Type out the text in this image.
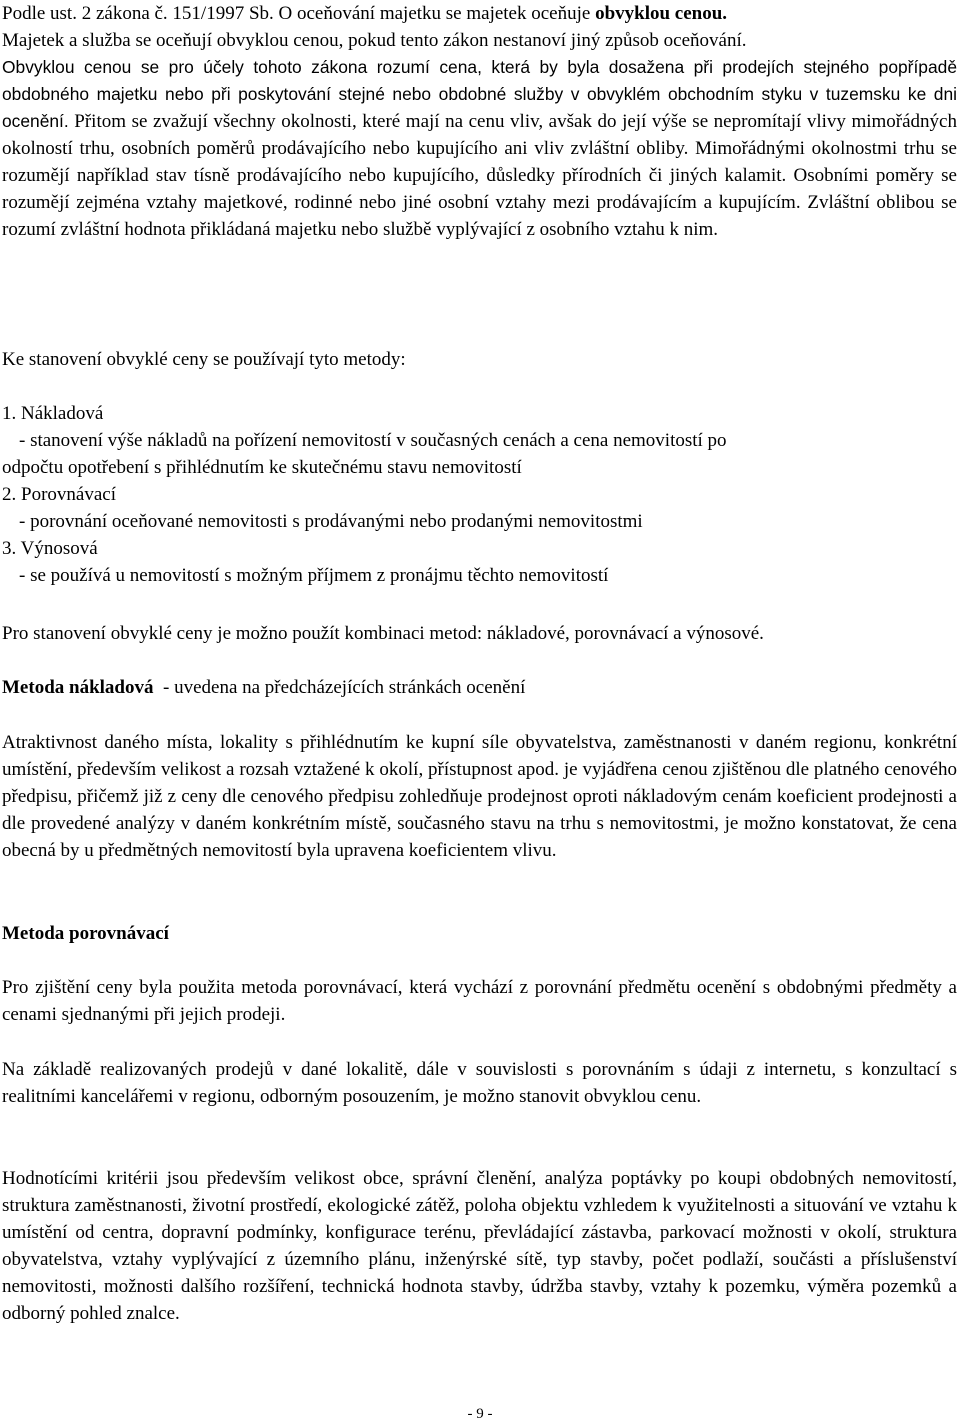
Podle ust. 2 zákona č. 151/1997 Sb. O oceňování majetku se majetek oceňuje obvyklou cenou.

Majetek a služba se oceňují obvyklou cenou, pokud tento zákon nestanoví jiný způsob oceňování.

Obvyklou cenou se pro účely tohoto zákona rozumí cena, která by byla dosažena při prodejích stejného popřípadě obdobného majetku nebo při poskytování stejné nebo obdobné služby v obvyklém obchodním styku v tuzemsku ke dni ocenění. Přitom se zvažují všechny okolnosti, které mají na cenu vliv, avšak do její výše se nepromítají vlivy mimořádných okolností trhu, osobních poměrů prodávajícího nebo kupujícího ani vliv zvláštní obliby. Mimořádnými okolnostmi trhu se rozumějí například stav tísně prodávajícího nebo kupujícího, důsledky přírodních či jiných kalamit. Osobními poměry se rozumějí zejména vztahy majetkové, rodinné nebo jiné osobní vztahy mezi prodávajícím a kupujícím. Zvláštní oblibou se rozumí zvláštní hodnota přikládaná majetku nebo službě vyplývající z osobního vztahu k nim.

Ke stanovení obvyklé ceny se používají tyto metody:

1. Nákladová

- stanovení výše nákladů na pořízení nemovitostí v současných cenách a cena nemovitostí po

odpočtu opotřebení s přihlédnutím ke skutečnému stavu nemovitostí

2. Porovnávací

- porovnání oceňované nemovitosti s prodávanými nebo prodanými nemovitostmi

3. Výnosová

- se používá u nemovitostí s možným příjmem z pronájmu těchto nemovitostí

Pro stanovení obvyklé ceny je možno použít kombinaci metod: nákladové, porovnávací a výnosové.

Metoda nákladová  - uvedena na předcházejících stránkách ocenění

Atraktivnost daného místa, lokality s přihlédnutím ke kupní síle obyvatelstva, zaměstnanosti v daném regionu, konkrétní umístění, především velikost a rozsah vztažené k okolí, přístupnost apod. je vyjádřena cenou zjištěnou dle platného cenového předpisu, přičemž již z ceny dle cenového předpisu zohledňuje prodejnost oproti nákladovým cenám koeficient prodejnosti a dle provedené analýzy v daném konkrétním místě, současného stavu na trhu s nemovitostmi, je možno konstatovat, že cena obecná by u předmětných nemovitostí byla upravena koeficientem vlivu.

Metoda porovnávací

Pro zjištění ceny byla použita metoda porovnávací, která vychází z porovnání předmětu ocenění s obdobnými předměty a cenami sjednanými při jejich prodeji.

Na základě realizovaných prodejů v dané lokalitě, dále v souvislosti s porovnáním s údaji z internetu, s konzultací s realitními kancelářemi v regionu, odborným posouzením, je možno stanovit obvyklou cenu.

Hodnotícími kritérii jsou především velikost obce, správní členění, analýza poptávky po koupi obdobných nemovitostí, struktura zaměstnanosti, životní prostředí, ekologické zátěž, poloha objektu vzhledem k využitelnosti a situování ve vztahu k umístění od centra, dopravní podmínky, konfigurace terénu, převládající zástavba, parkovací možnosti v okolí, struktura obyvatelstva, vztahy vyplývající z územního plánu, inženýrské sítě, typ stavby, počet podlaží, součásti a příslušenství nemovitosti, možnosti dalšího rozšíření, technická hodnota stavby, údržba stavby, vztahy k pozemku, výměra pozemků a odborný pohled znalce.

- 9 -
